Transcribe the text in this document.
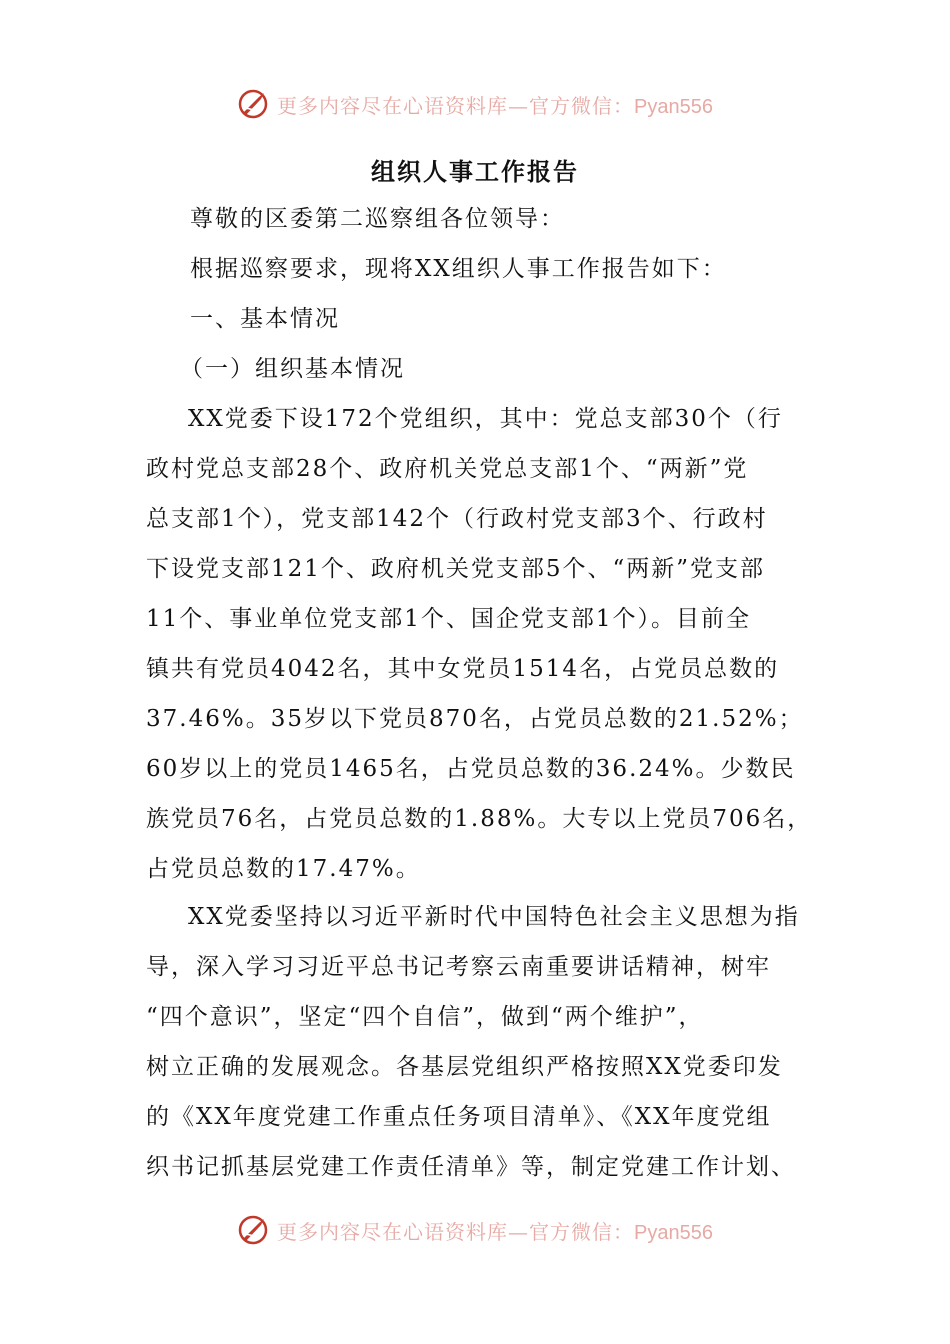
更多内容尽在心语资料库—官方微信：Pyan556
组织人事工作报告
尊敬的区委第二巡察组各位领导：
根据巡察要求，现将XX组织人事工作报告如下：
一、基本情况
（一）组织基本情况
XX党委下设172个党组织，其中：党总支部30个（行
政村党总支部28个、政府机关党总支部1个、“两新”党
总支部1个），党支部142个（行政村党支部3个、行政村
下设党支部121个、政府机关党支部5个、“两新”党支部
11个、事业单位党支部1个、国企党支部1个）。目前全
镇共有党员4042名，其中女党员1514名，占党员总数的
37.46%。35岁以下党员870名，占党员总数的21.52%；
60岁以上的党员1465名，占党员总数的36.24%。少数民
族党员76名，占党员总数的1.88%。大专以上党员706名，
占党员总数的17.47%。
XX党委坚持以习近平新时代中国特色社会主义思想为指
导，深入学习习近平总书记考察云南重要讲话精神，树牢
“四个意识”，坚定“四个自信”，做到“两个维护”，
树立正确的发展观念。各基层党组织严格按照XX党委印发
的《XX年度党建工作重点任务项目清单》、《XX年度党组
织书记抓基层党建工作责任清单》等，制定党建工作计划、
更多内容尽在心语资料库—官方微信：Pyan556
